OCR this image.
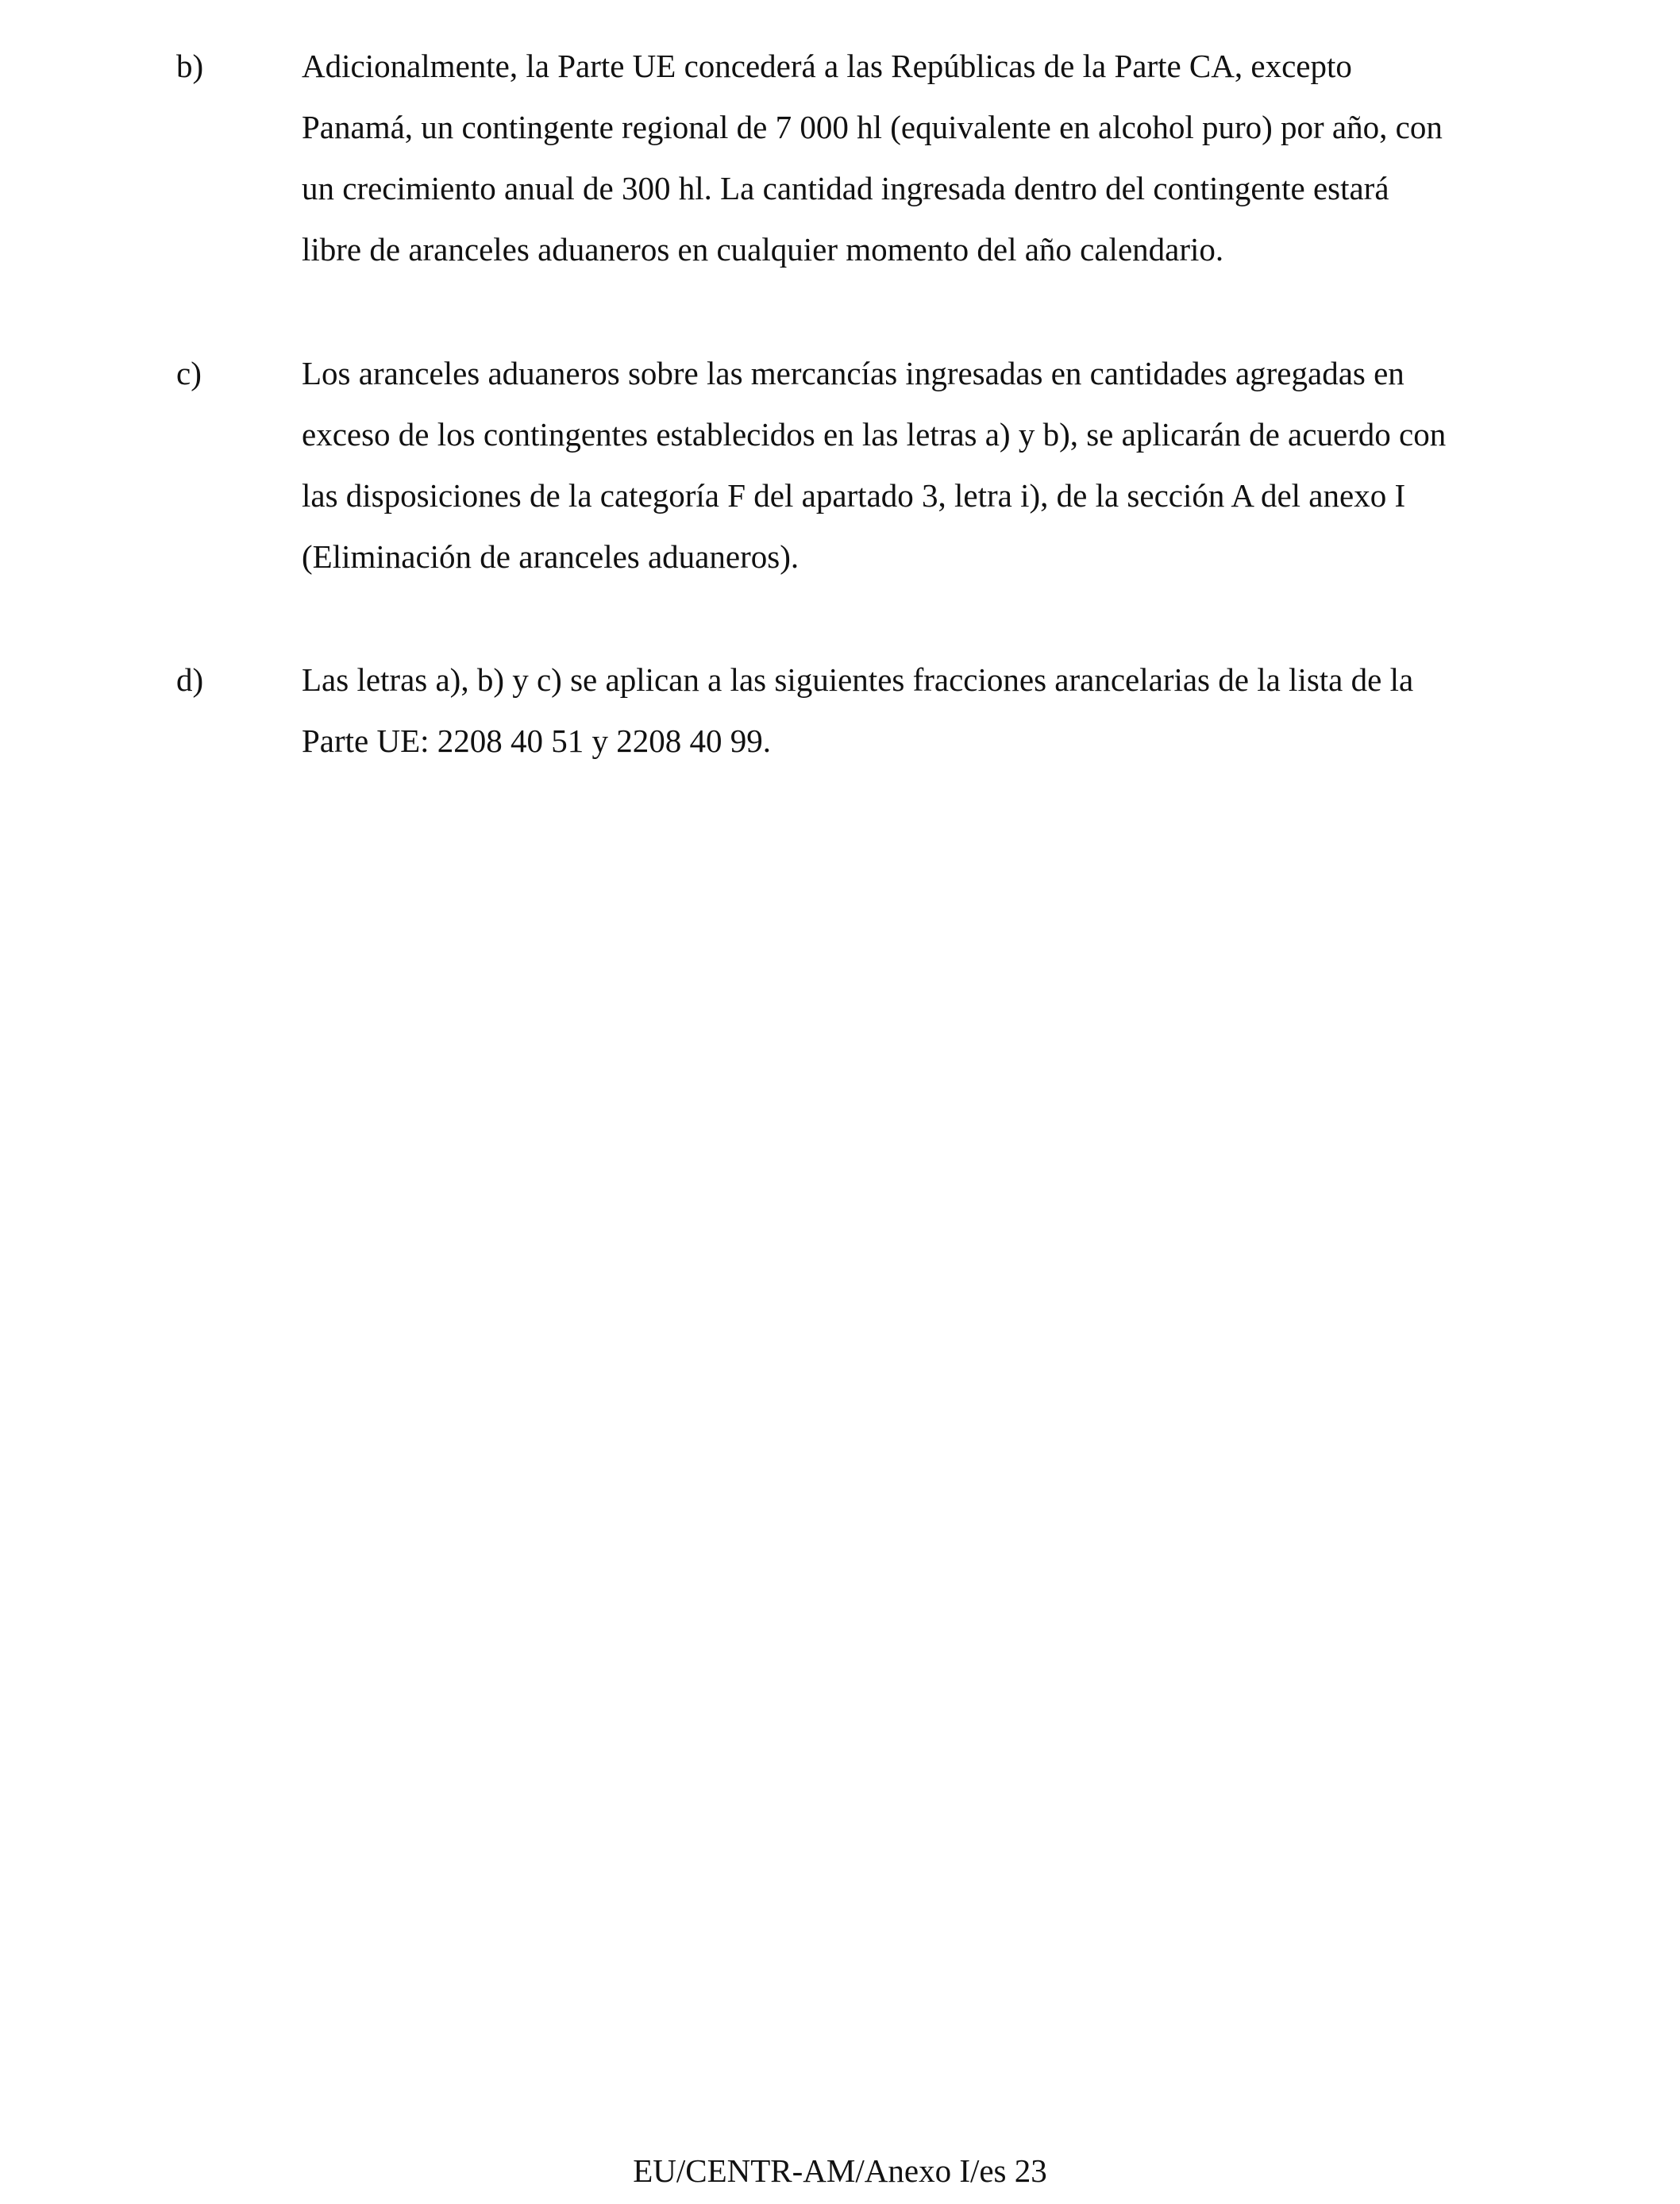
b)	Adicionalmente, la Parte UE concederá a las Repúblicas de la Parte CA, excepto
Panamá, un contingente regional de 7 000 hl (equivalente en alcohol puro) por año, con
un crecimiento anual de 300 hl. La cantidad ingresada dentro del contingente estará
libre de aranceles aduaneros en cualquier momento del año calendario.
c)	Los aranceles aduaneros sobre las mercancías ingresadas en cantidades agregadas en
exceso de los contingentes establecidos en las letras a) y b), se aplicarán de acuerdo con
las disposiciones de la categoría F del apartado 3, letra i), de la sección A del anexo I
(Eliminación de aranceles aduaneros).
d)	Las letras a), b) y c) se aplican a las siguientes fracciones arancelarias de la lista de la
Parte UE: 2208 40 51 y 2208 40 99.
EU/CENTR-AM/Anexo I/es 23
